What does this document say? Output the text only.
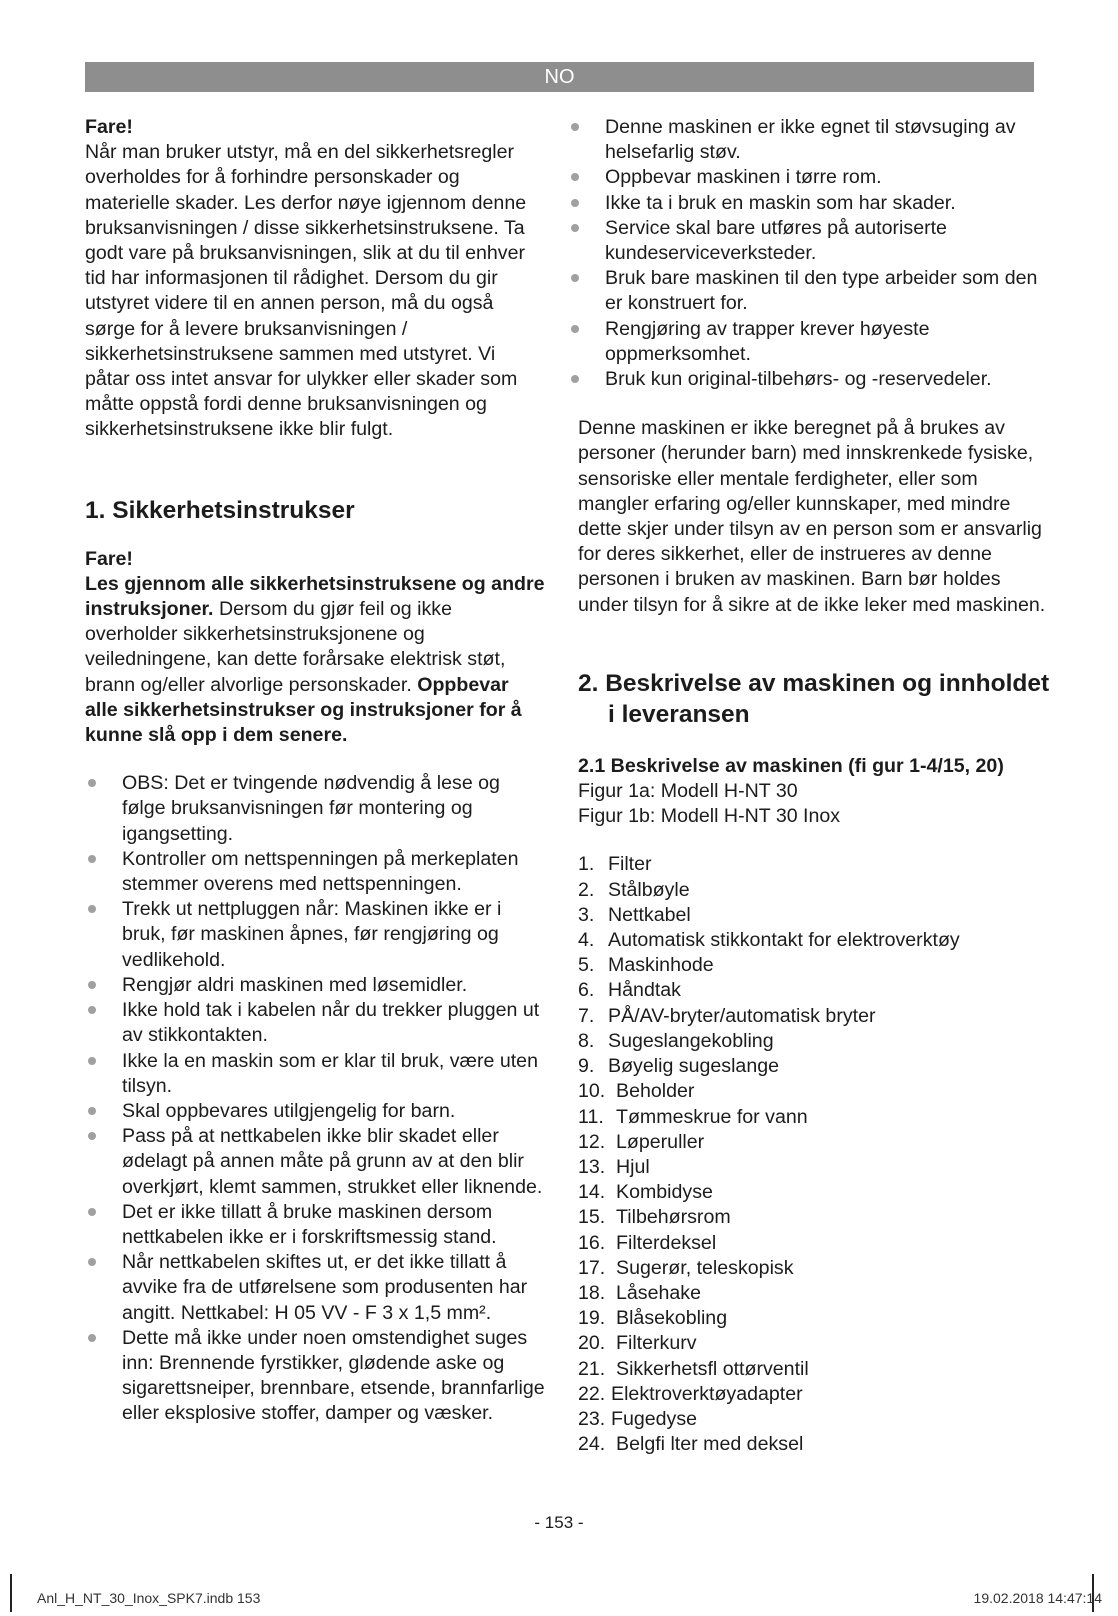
NO

Fare!

Når man bruker utstyr, må en del sikkerhetsregler overholdes for å forhindre personskader og materielle skader. Les derfor nøye igjennom denne bruksanvisningen / disse sikkerhetsinstruksene. Ta godt vare på bruksanvisningen, slik at du til enhver tid har informasjonen til rådighet. Dersom du gir utstyret videre til en annen person, må du også sørge for å levere bruksanvisningen / sikkerhetsinstruksene sammen med utstyret. Vi påtar oss intet ansvar for ulykker eller skader som måtte oppstå fordi denne bruksanvisningen og sikkerhetsinstruksene ikke blir fulgt.

1. Sikkerhetsinstrukser

Fare!

Les gjennom alle sikkerhetsinstruksene og andre instruksjoner. Dersom du gjør feil og ikke overholder sikkerhetsinstruksjonene og veiledningene, kan dette forårsake elektrisk støt, brann og/eller alvorlige personskader. Oppbevar alle sikkerhetsinstrukser og instruksjoner for å kunne slå opp i dem senere.

OBS: Det er tvingende nødvendig å lese og følge bruksanvisningen før montering og igangsetting.
Kontroller om nettspenningen på merkeplaten stemmer overens med nettspenningen.
Trekk ut nettpluggen når: Maskinen ikke er i bruk, før maskinen åpnes, før rengjøring og vedlikehold.
Rengjør aldri maskinen med løsemidler.
Ikke hold tak i kabelen når du trekker pluggen ut av stikkontakten.
Ikke la en maskin som er klar til bruk, være uten tilsyn.
Skal oppbevares utilgjengelig for barn.
Pass på at nettkabelen ikke blir skadet eller ødelagt på annen måte på grunn av at den blir overkjørt, klemt sammen, strukket eller liknende.
Det er ikke tillatt å bruke maskinen dersom nettkabelen ikke er i forskriftsmessig stand.
Når nettkabelen skiftes ut, er det ikke tillatt å avvike fra de utførelsene som produsenten har angitt. Nettkabel: H 05 VV - F 3 x 1,5 mm².
Dette må ikke under noen omstendighet suges inn: Brennende fyrstikker, glødende aske og sigarettsneiper, brennbare, etsende, brannfarlige eller eksplosive stoffer, damper og væsker.
Denne maskinen er ikke egnet til støvsuging av helsefarlig støv.
Oppbevar maskinen i tørre rom.
Ikke ta i bruk en maskin som har skader.
Service skal bare utføres på autoriserte kundeserviceverksteder.
Bruk bare maskinen til den type arbeider som den er konstruert for.
Rengjøring av trapper krever høyeste oppmerksomhet.
Bruk kun original-tilbehørs- og -reservedeler.

Denne maskinen er ikke beregnet på å brukes av personer (herunder barn) med innskrenkede fysiske, sensoriske eller mentale ferdigheter, eller som mangler erfaring og/eller kunnskaper, med mindre dette skjer under tilsyn av en person som er ansvarlig for deres sikkerhet, eller de instrueres av denne personen i bruken av maskinen. Barn bør holdes under tilsyn for å sikre at de ikke leker med maskinen.

2. Beskrivelse av maskinen og innholdet i leveransen

2.1 Beskrivelse av maskinen (fi gur 1-4/15, 20)

Figur 1a: Modell H-NT 30

Figur 1b: Modell H-NT 30 Inox

1. Filter
2. Stålbøyle
3. Nettkabel
4. Automatisk stikkontakt for elektroverktøy
5. Maskinhode
6. Håndtak
7. PÅ/AV-bryter/automatisk bryter
8. Sugeslangekobling
9. Bøyelig sugeslange
10. Beholder
11. Tømmeskrue for vann
12. Løperuller
13. Hjul
14. Kombidyse
15. Tilbehørsrom
16. Filterdeksel
17. Sugerør, teleskopisk
18. Låsehake
19. Blåsekobling
20. Filterkurv
21. Sikkerhetsfl ottørventil
22. Elektroverktøyadapter
23. Fugedyse
24. Belgfi lter med deksel
- 153 -
Anl_H_NT_30_Inox_SPK7.indb 153	19.02.2018 14:47:14
